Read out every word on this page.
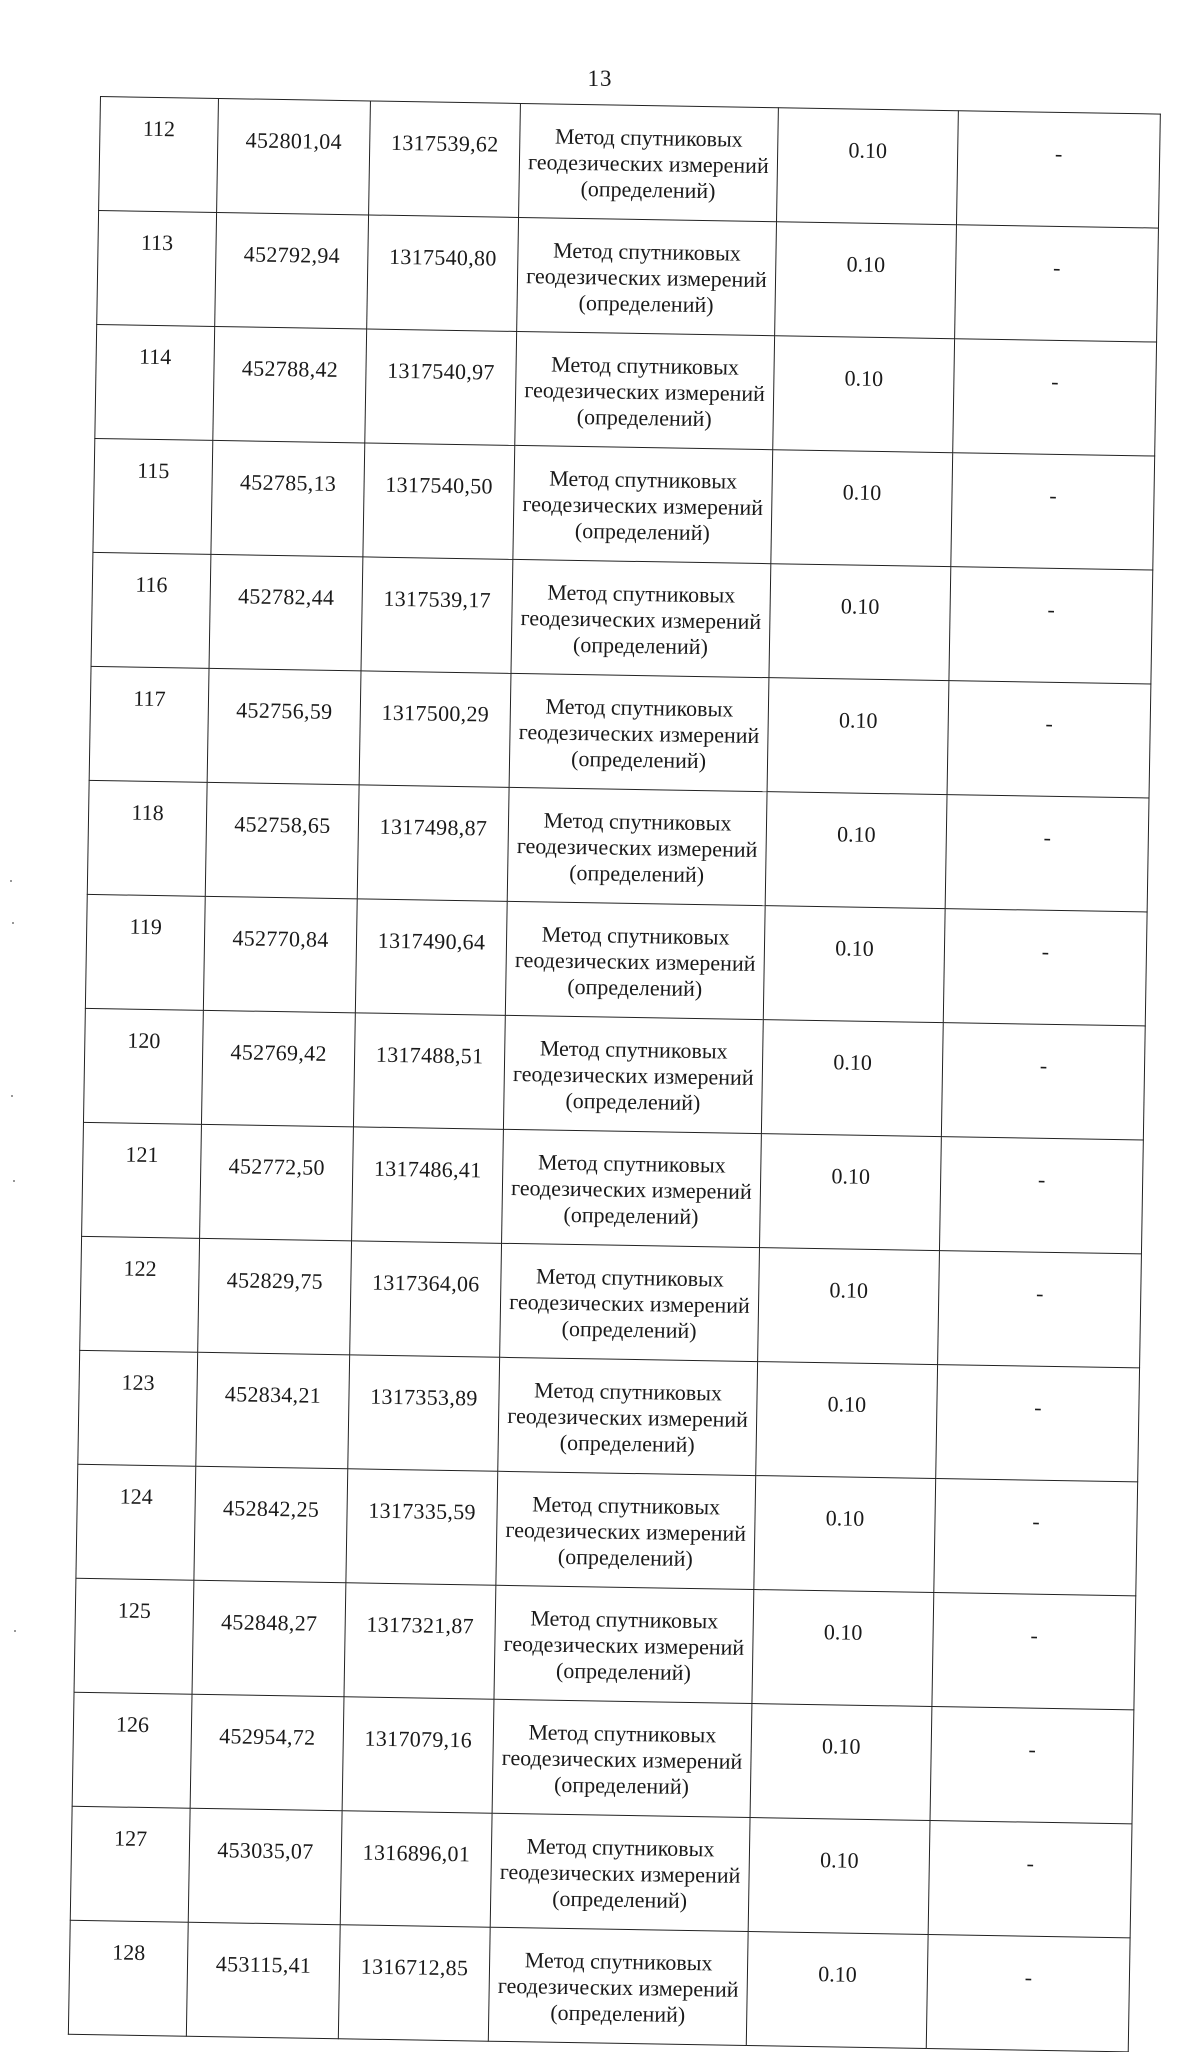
13
112	452801,04	1317539,62	Метод спутниковых
геодезических измерений
(определений)	0.10	-
113	452792,94	1317540,80	Метод спутниковых
геодезических измерений
(определений)	0.10	-
114	452788,42	1317540,97	Метод спутниковых
геодезических измерений
(определений)	0.10	-
115	452785,13	1317540,50	Метод спутниковых
геодезических измерений
(определений)	0.10	-
116	452782,44	1317539,17	Метод спутниковых
геодезических измерений
(определений)	0.10	-
117	452756,59	1317500,29	Метод спутниковых
геодезических измерений
(определений)	0.10	-
118	452758,65	1317498,87	Метод спутниковых
геодезических измерений
(определений)	0.10	-
119	452770,84	1317490,64	Метод спутниковых
геодезических измерений
(определений)	0.10	-
120	452769,42	1317488,51	Метод спутниковых
геодезических измерений
(определений)	0.10	-
121	452772,50	1317486,41	Метод спутниковых
геодезических измерений
(определений)	0.10	-
122	452829,75	1317364,06	Метод спутниковых
геодезических измерений
(определений)	0.10	-
123	452834,21	1317353,89	Метод спутниковых
геодезических измерений
(определений)	0.10	-
124	452842,25	1317335,59	Метод спутниковых
геодезических измерений
(определений)	0.10	-
125	452848,27	1317321,87	Метод спутниковых
геодезических измерений
(определений)	0.10	-
126	452954,72	1317079,16	Метод спутниковых
геодезических измерений
(определений)	0.10	-
127	453035,07	1316896,01	Метод спутниковых
геодезических измерений
(определений)	0.10	-
128	453115,41	1316712,85	Метод спутниковых
геодезических измерений
(определений)	0.10	-
